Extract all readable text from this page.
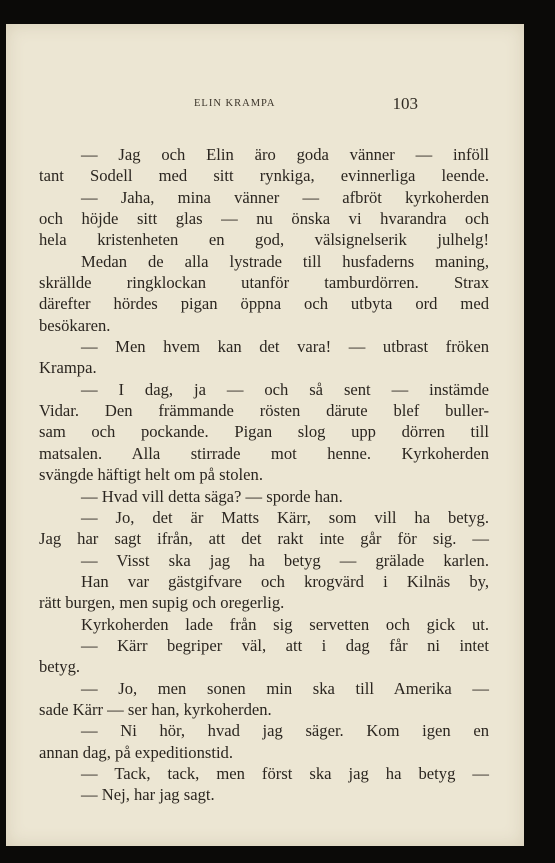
ELIN KRAMPA	103
— Jag och Elin äro goda vänner — inföll
tant Sodell med sitt rynkiga, evinnerliga leende.
— Jaha, mina vänner — afbröt kyrkoherden
och höjde sitt glas — nu önska vi hvarandra och
hela kristenheten en god, välsignelserik julhelg!
Medan de alla lystrade till husfaderns maning,
skrällde ringklockan utanför tamburdörren. Strax
därefter hördes pigan öppna och utbyta ord med
besökaren.
— Men hvem kan det vara! — utbrast fröken
Krampa.
— I dag, ja — och så sent — instämde
Vidar. Den främmande rösten därute blef buller-
sam och pockande. Pigan slog upp dörren till
matsalen. Alla stirrade mot henne. Kyrkoherden
svängde häftigt helt om på stolen.
— Hvad vill detta säga? — sporde han.
— Jo, det är Matts Kärr, som vill ha betyg.
Jag har sagt ifrån, att det rakt inte går för sig. —
— Visst ska jag ha betyg — grälade karlen.
Han var gästgifvare och krogvärd i Kilnäs by,
rätt burgen, men supig och oregerlig.
Kyrkoherden lade från sig servetten och gick ut.
— Kärr begriper väl, att i dag får ni intet
betyg.
— Jo, men sonen min ska till Amerika —
sade Kärr — ser han, kyrkoherden.
— Ni hör, hvad jag säger. Kom igen en
annan dag, på expeditionstid.
— Tack, tack, men först ska jag ha betyg —
— Nej, har jag sagt.
